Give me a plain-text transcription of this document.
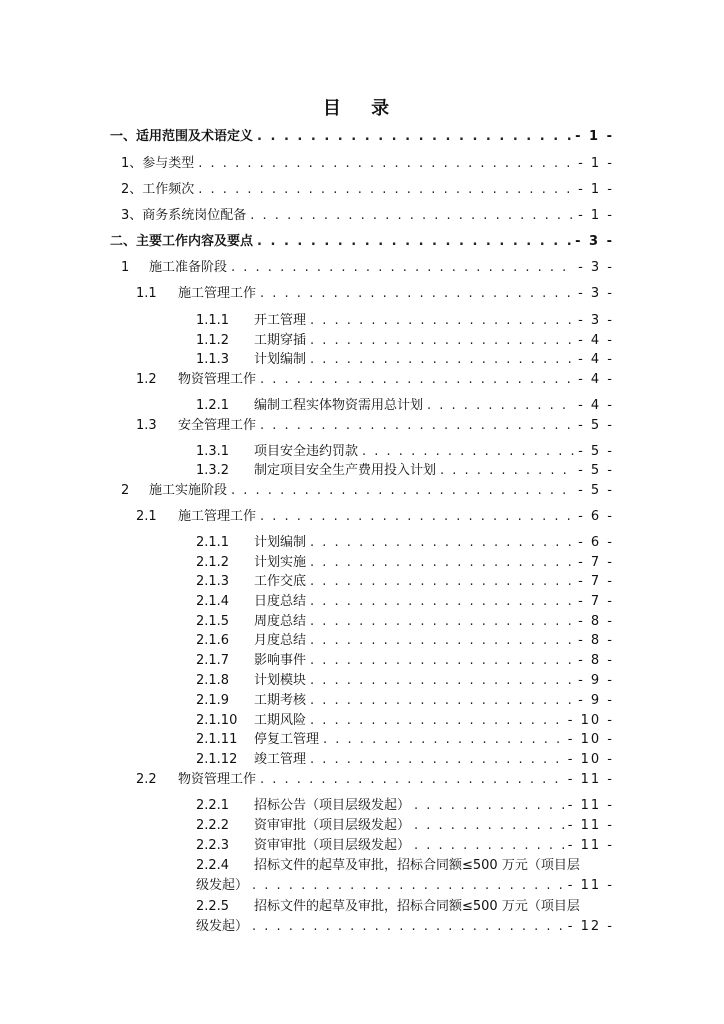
目 录
一、适用范围及术语定义 . . .	- 1 -
1、参与类型 . . .	- 1 -
2、工作频次 . . .	- 1 -
3、商务系统岗位配备 . . .	- 1 -
二、主要工作内容及要点 . . .	- 3 -
1	施工准备阶段 . . .	- 3 -
1.1	施工管理工作 . . .	- 3 -
1.1.1	开工管理 . . .	- 3 -
1.1.2	工期穿插 . . .	- 4 -
1.1.3	计划编制 . . .	- 4 -
1.2	物资管理工作 . . .	- 4 -
1.2.1	编制工程实体物资需用总计划 . . .	- 4 -
1.3	安全管理工作 . . .	- 5 -
1.3.1	项目安全违约罚款 . . .	- 5 -
1.3.2	制定项目安全生产费用投入计划 . . .	- 5 -
2	施工实施阶段 . . .	- 5 -
2.1	施工管理工作 . . .	- 6 -
2.1.1	计划编制 . . .	- 6 -
2.1.2	计划实施 . . .	- 7 -
2.1.3	工作交底 . . .	- 7 -
2.1.4	日度总结 . . .	- 7 -
2.1.5	周度总结 . . .	- 8 -
2.1.6	月度总结 . . .	- 8 -
2.1.7	影响事件 . . .	- 8 -
2.1.8	计划模块 . . .	- 9 -
2.1.9	工期考核 . . .	- 9 -
2.1.10	工期风险 . . .	- 10 -
2.1.11	停复工管理 . . .	- 10 -
2.1.12	竣工管理 . . .	- 10 -
2.2	物资管理工作 . . .	- 11 -
2.2.1	招标公告（项目层级发起） . . .	- 11 -
2.2.2	资审审批（项目层级发起） . . .	- 11 -
2.2.3	资审审批（项目层级发起） . . .	- 11 -
2.2.4	招标文件的起草及审批，招标合同额≤500 万元（项目层
级发起） . . .	- 11 -
2.2.5	招标文件的起草及审批，招标合同额≤500 万元（项目层
级发起） . . .	- 12 -
